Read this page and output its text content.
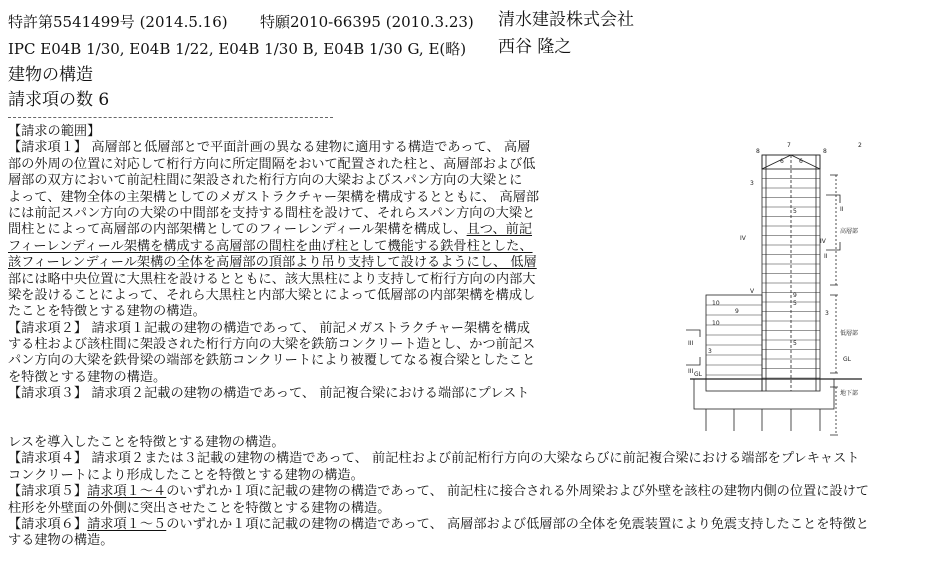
特許第5541499号 (2014.5.16) 特願2010-66395 (2010.3.23) 清水建設株式会社
IPC E04B 1/30, E04B 1/22, E04B 1/30 B, E04B 1/30 G, E(略) 西谷 隆之
建物の構造
請求項の数 6
【請求の範囲】
【請求項１】 高層部と低層部とで平面計画の異なる建物に適用する構造であって、 高層
部の外周の位置に対応して桁行方向に所定間隔をおいて配置された柱と、高層部および低
層部の双方において前記柱間に架設された桁行方向の大梁およびスパン方向の大梁とに
よって、建物全体の主架構としてのメガストラクチャー架構を構成するとともに、 高層部
には前記スパン方向の大梁の中間部を支持する間柱を設けて、それらスパン方向の大梁と
間柱とによって高層部の内部架構としてのフィーレンディール架構を構成し、且つ、前記
フィーレンディール架構を構成する高層部の間柱を曲げ柱として機能する鉄骨柱とした、
該フィーレンディール架構の全体を高層部の頂部より吊り支持して設けるようにし、 低層
部には略中央位置に大黒柱を設けるとともに、該大黒柱により支持して桁行方向の内部大
梁を設けることによって、それら大黒柱と内部大梁とによって低層部の内部架構を構成し
たことを特徴とする建物の構造。
【請求項２】 請求項１記載の建物の構造であって、 前記メガストラクチャー架構を構成
する柱および該柱間に架設された桁行方向の大梁を鉄筋コンクリート造とし、かつ前記ス
パン方向の大梁を鉄骨梁の端部を鉄筋コンクリートにより被覆してなる複合梁としたこと
を特徴とする建物の構造。
【請求項３】 請求項２記載の建物の構造であって、 前記複合梁における端部にプレスト
レスを導入したことを特徴とする建物の構造。
【請求項４】 請求項２または３記載の建物の構造であって、 前記柱および前記桁行方向の大梁ならびに前記複合梁における端部をプレキャスト
コンクリートにより形成したことを特徴とする建物の構造。
【請求項５】請求項１～４のいずれか１項に記載の建物の構造であって、 前記柱に接合される外周梁および外壁を該柱の建物内側の位置に設けて
柱形を外壁面の外側に突出させたことを特徴とする建物の構造。
【請求項６】請求項１～５のいずれか１項に記載の建物の構造であって、 高層部および低層部の全体を免震装置により免震支持したことを特徴と
する建物の構造。
7	2
8	8
6	6
3
5
5
5
9
9
10
10
IV	IV
V
3
3
II
II
III
III GL
GL
高層部
低層部
地下部
